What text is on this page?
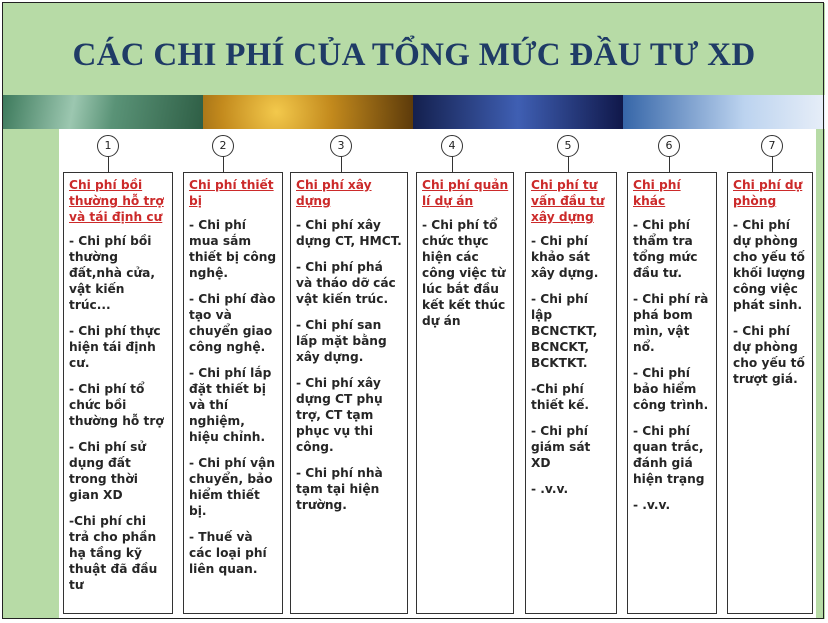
CÁC CHI PHÍ CỦA TỔNG MỨC ĐẦU TƯ XD
1
Chi phí bồi thường hỗ trợ và tái định cư
- Chi phí bồi thường đất,nhà cửa, vật kiến trúc...
- Chi phí thực hiện tái định cư.
- Chi phí tổ chức bồi thường hỗ trợ
- Chi phí sử dụng đất trong thời gian XD
-Chi phí chi trả cho phần hạ tầng kỹ thuật đã đầu tư
2
Chi phí thiết bị
- Chi phí mua sắm thiết bị công nghệ.
- Chi phí đào tạo và chuyển giao công nghệ.
- Chi phí lắp đặt thiết bị và thí nghiệm, hiệu chỉnh.
- Chi phí vận chuyển, bảo hiểm thiết bị.
- Thuế và các loại phí liên quan.
3
Chi phí xây dựng
- Chi phí xây dựng CT, HMCT.
- Chi phí phá và tháo dỡ các vật kiến trúc.
- Chi phí san lấp mặt bằng xây dựng.
- Chi phí xây dựng CT phụ trợ, CT tạm phục vụ thi công.
- Chi phí nhà tạm tại hiện trường.
4
Chi phí quản lí dự án
- Chi phí tổ chức thực hiện các công việc từ lúc bắt đầu kết kết thúc dự án
5
Chi phí tư vấn đầu tư xây dựng
- Chi phí khảo sát xây dựng.
- Chi phí lập BCNCTKT, BCNCKT, BCKTKT.
-Chi phí thiết kế.
- Chi phí giám sát XD
- .v.v.
6
Chi phí khác
- Chi phí thẩm tra tổng mức đầu tư.
- Chi phí rà phá bom mìn, vật nổ.
- Chi phí bảo hiểm công trình.
- Chi phí quan trắc, đánh giá hiện trạng
- .v.v.
7
Chi phí dự phòng
- Chi phí dự phòng cho yếu tố khối lượng công việc phát sinh.
- Chi phí dự phòng cho yếu tố trượt giá.
